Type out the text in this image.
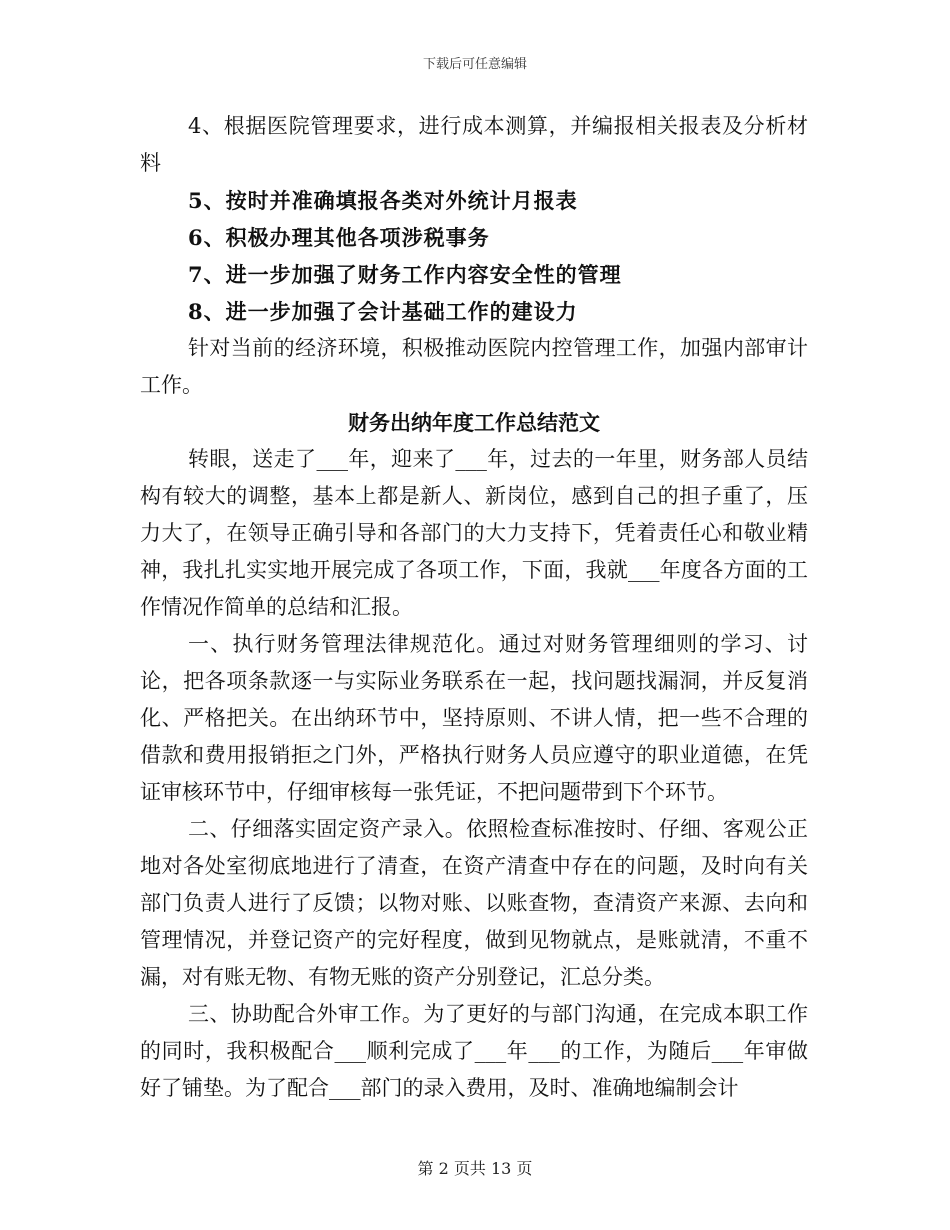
下载后可任意编辑

4、根据医院管理要求，进行成本测算，并编报相关报表及分析材料

5、按时并准确填报各类对外统计月报表

6、积极办理其他各项涉税事务

7、进一步加强了财务工作内容安全性的管理

8、进一步加强了会计基础工作的建设力

针对当前的经济环境，积极推动医院内控管理工作，加强内部审计工作。

财务出纳年度工作总结范文

转眼，送走了___年，迎来了___年，过去的一年里，财务部人员结构有较大的调整，基本上都是新人、新岗位，感到自己的担子重了，压力大了，在领导正确引导和各部门的大力支持下，凭着责任心和敬业精神，我扎扎实实地开展完成了各项工作，下面，我就___年度各方面的工作情况作简单的总结和汇报。

一、执行财务管理法律规范化。通过对财务管理细则的学习、讨论，把各项条款逐一与实际业务联系在一起，找问题找漏洞，并反复消化、严格把关。在出纳环节中，坚持原则、不讲人情，把一些不合理的借款和费用报销拒之门外，严格执行财务人员应遵守的职业道德，在凭证审核环节中，仔细审核每一张凭证，不把问题带到下个环节。

二、仔细落实固定资产录入。依照检查标准按时、仔细、客观公正地对各处室彻底地进行了清查，在资产清查中存在的问题，及时向有关部门负责人进行了反馈；以物对账、以账查物，查清资产来源、去向和管理情况，并登记资产的完好程度，做到见物就点，是账就清，不重不漏，对有账无物、有物无账的资产分别登记，汇总分类。

三、协助配合外审工作。为了更好的与部门沟通，在完成本职工作的同时，我积极配合___顺利完成了___年___的工作，为随后___年审做好了铺垫。为了配合___部门的录入费用，及时、准确地编制会计

第 2 页共 13 页
